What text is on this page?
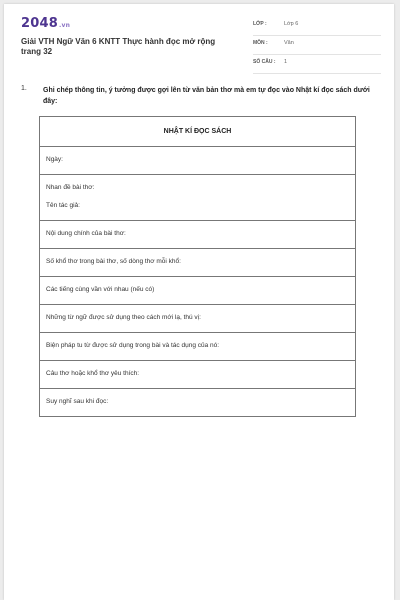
2048.vn
Giải VTH Ngữ Văn 6 KNTT Thực hành đọc mở rộng trang 32
LỚP :	Lớp 6
MÔN :	Văn
SỐ CÂU : 1
1. Ghi chép thông tin, ý tưởng được gợi lên từ văn bản thơ mà em tự đọc vào Nhật kí đọc sách dưới đây:
NHẬT KÍ ĐỌC SÁCH
Ngày:
Nhan đề bài thơ:
Tên tác giả:
Nội dung chính của bài thơ:
Số khổ thơ trong bài thơ, số dòng thơ mỗi khổ:
Các tiếng cùng vần với nhau (nếu có)
Những từ ngữ được sử dụng theo cách mới lạ, thú vị:
Biện pháp tu từ được sử dụng trong bài và tác dụng của nó:
Câu thơ hoặc khổ thơ yêu thích:
Suy nghĩ sau khi đọc:
